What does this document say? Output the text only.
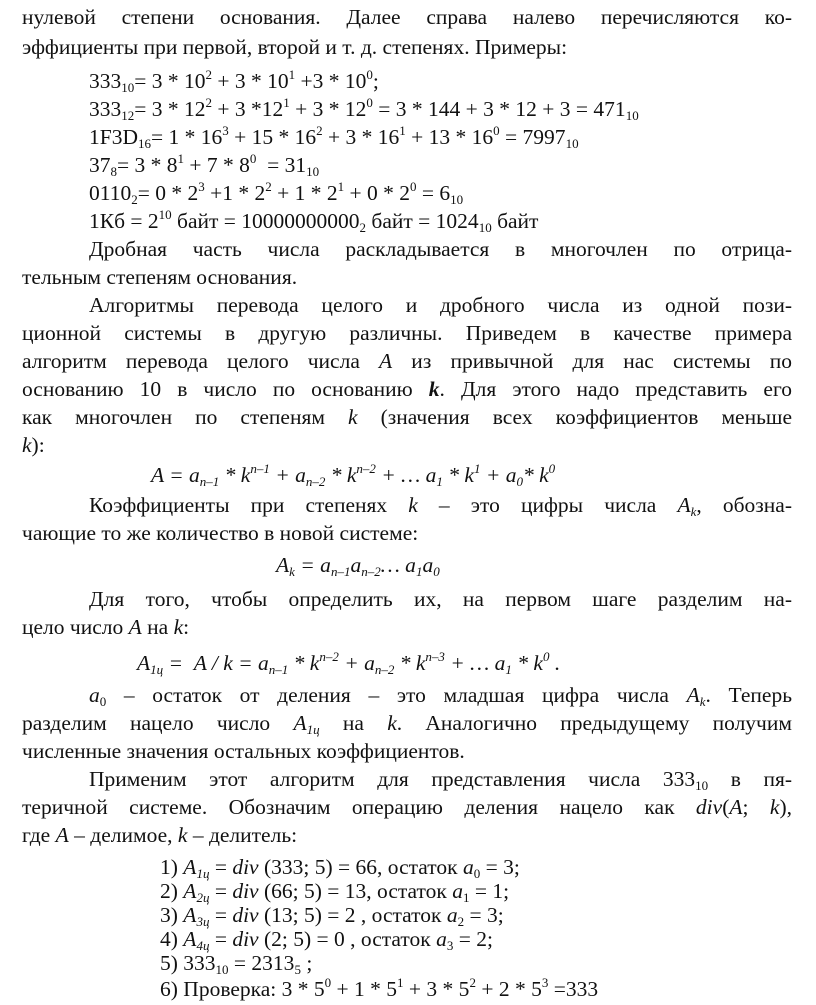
нулевой степени основания. Далее справа налево перечисляются ко-
эффициенты при первой, второй и т. д. степенях. Примеры:
$333_{10}= 3 * 10^2 + 3 * 10^1 +3 * 10^0$;
$333_{12}= 3 * 12^2 + 3$ $*12^1 + 3 * 12^0 = 3 * 144 + 3 * 12 + 3 = 471_{10}$
$1F3D_{16}= 1 * 16^3 + 15 * 16^2 + 3 * 16^1 + 13 * 16^0 = 7997_{10}$
$37_8= 3 * 8^1 + 7 * 8^0 = 31_{10}$
$0110_2= 0 * 2^3 +1 * 2^2 + 1 * 2^1 + 0 * 2^0 = 6_{10}$
$1Кб = 2^{10}$ байт = $10000000000_2$ байт = $1024_{10}$ байт
Дробная часть числа раскладывается в многочлен по отрица-
тельным степеням основания.
Алгоритмы перевода целого и дробного числа из одной пози-
ционной системы в другую различны. Приведем в качестве примера
алгоритм перевода целого числа A из привычной для нас системы по
основанию 10 в число по основанию k. Для этого надо представить его
как многочлен по степеням k (значения всех коэффициентов меньше
k):
$A = a_{n-1} * k^{n-1} + a_{n-2} * k^{n-2}$ + … $a_1 * k^1 + a_0*$ $k^0$
Коэффициенты при степенях k – это цифры числа $A_k$, обозна-
чающие то же количество в новой системе:
$A_k$ = $a_{n-1}a_{n-2}\dots$ $a_1a_0$
Для того, чтобы определить их, на первом шаге разделим на-
цело число A на k:
$A_{1ц} = A / k = a_{n-1} * k^{n-2} + a_{n-2} * k^{n-3}$ + … $a_1 * k^0$ .
$a_0$ – остаток от деления – это младшая цифра числа $A_k$. Теперь
разделим нацело число $A_{1ц}$ на k. Аналогично предыдущему получим
численные значения остальных коэффициентов.
Применим этот алгоритм для представления числа $333_{10}$ в пя-
теричной системе. Обозначим операцию деления нацело как div(A; k),
где A – делимое, k – делитель:
1) $A_{1ц}$ = div (333; 5) = 66, остаток $a_0 = 3$;
2) $A_{2ц}$ = div (66; 5) = 13, остаток $a_1 = 1$;
3) $A_{3ц}$ = div (13; 5) = 2 , остаток $a_2 = 3$;
4) $A_{4ц}$ = div (2; 5) = 0 , остаток $a_3 = 2$;
5) $333_{10} = 2313_5$ ;
6) Проверка: $3 * 5^0 + 1 * 5^1 + 3 * 5^2 + 2 * 5^3 =333$
